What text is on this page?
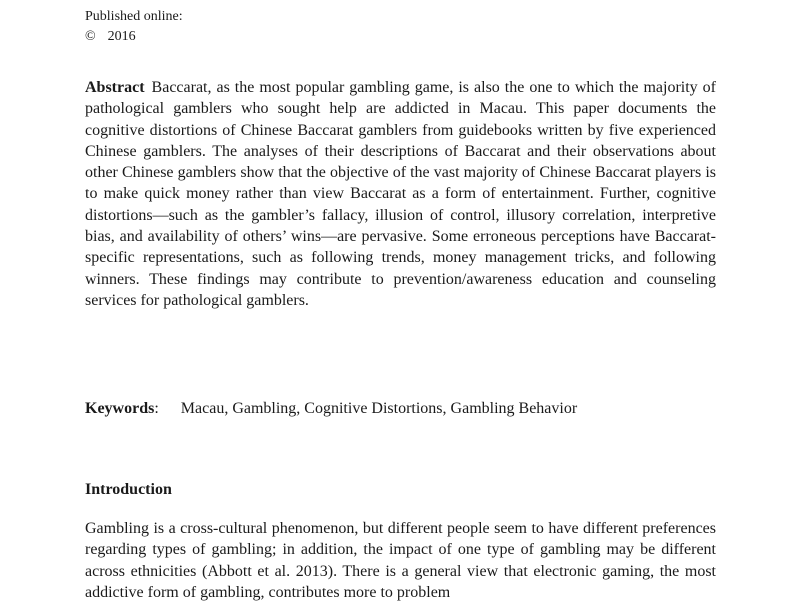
Published online:
© 2016
Abstract Baccarat, as the most popular gambling game, is also the one to which the majority of pathological gamblers who sought help are addicted in Macau. This paper documents the cognitive distortions of Chinese Baccarat gamblers from guidebooks written by five experienced Chinese gamblers. The analyses of their descriptions of Baccarat and their observations about other Chinese gamblers show that the objective of the vast majority of Chinese Baccarat players is to make quick money rather than view Baccarat as a form of entertainment. Further, cognitive distortions—such as the gambler’s fallacy, illusion of control, illusory correlation, interpretive bias, and availability of others’ wins—are pervasive. Some erroneous perceptions have Baccarat-specific representations, such as following trends, money management tricks, and following winners. These findings may contribute to prevention/awareness education and counseling services for pathological gamblers.
Keywords: Macau, Gambling, Cognitive Distortions, Gambling Behavior
Introduction
Gambling is a cross-cultural phenomenon, but different people seem to have different preferences regarding types of gambling; in addition, the impact of one type of gambling may be different across ethnicities (Abbott et al. 2013). There is a general view that electronic gaming, the most addictive form of gambling, contributes more to problem
